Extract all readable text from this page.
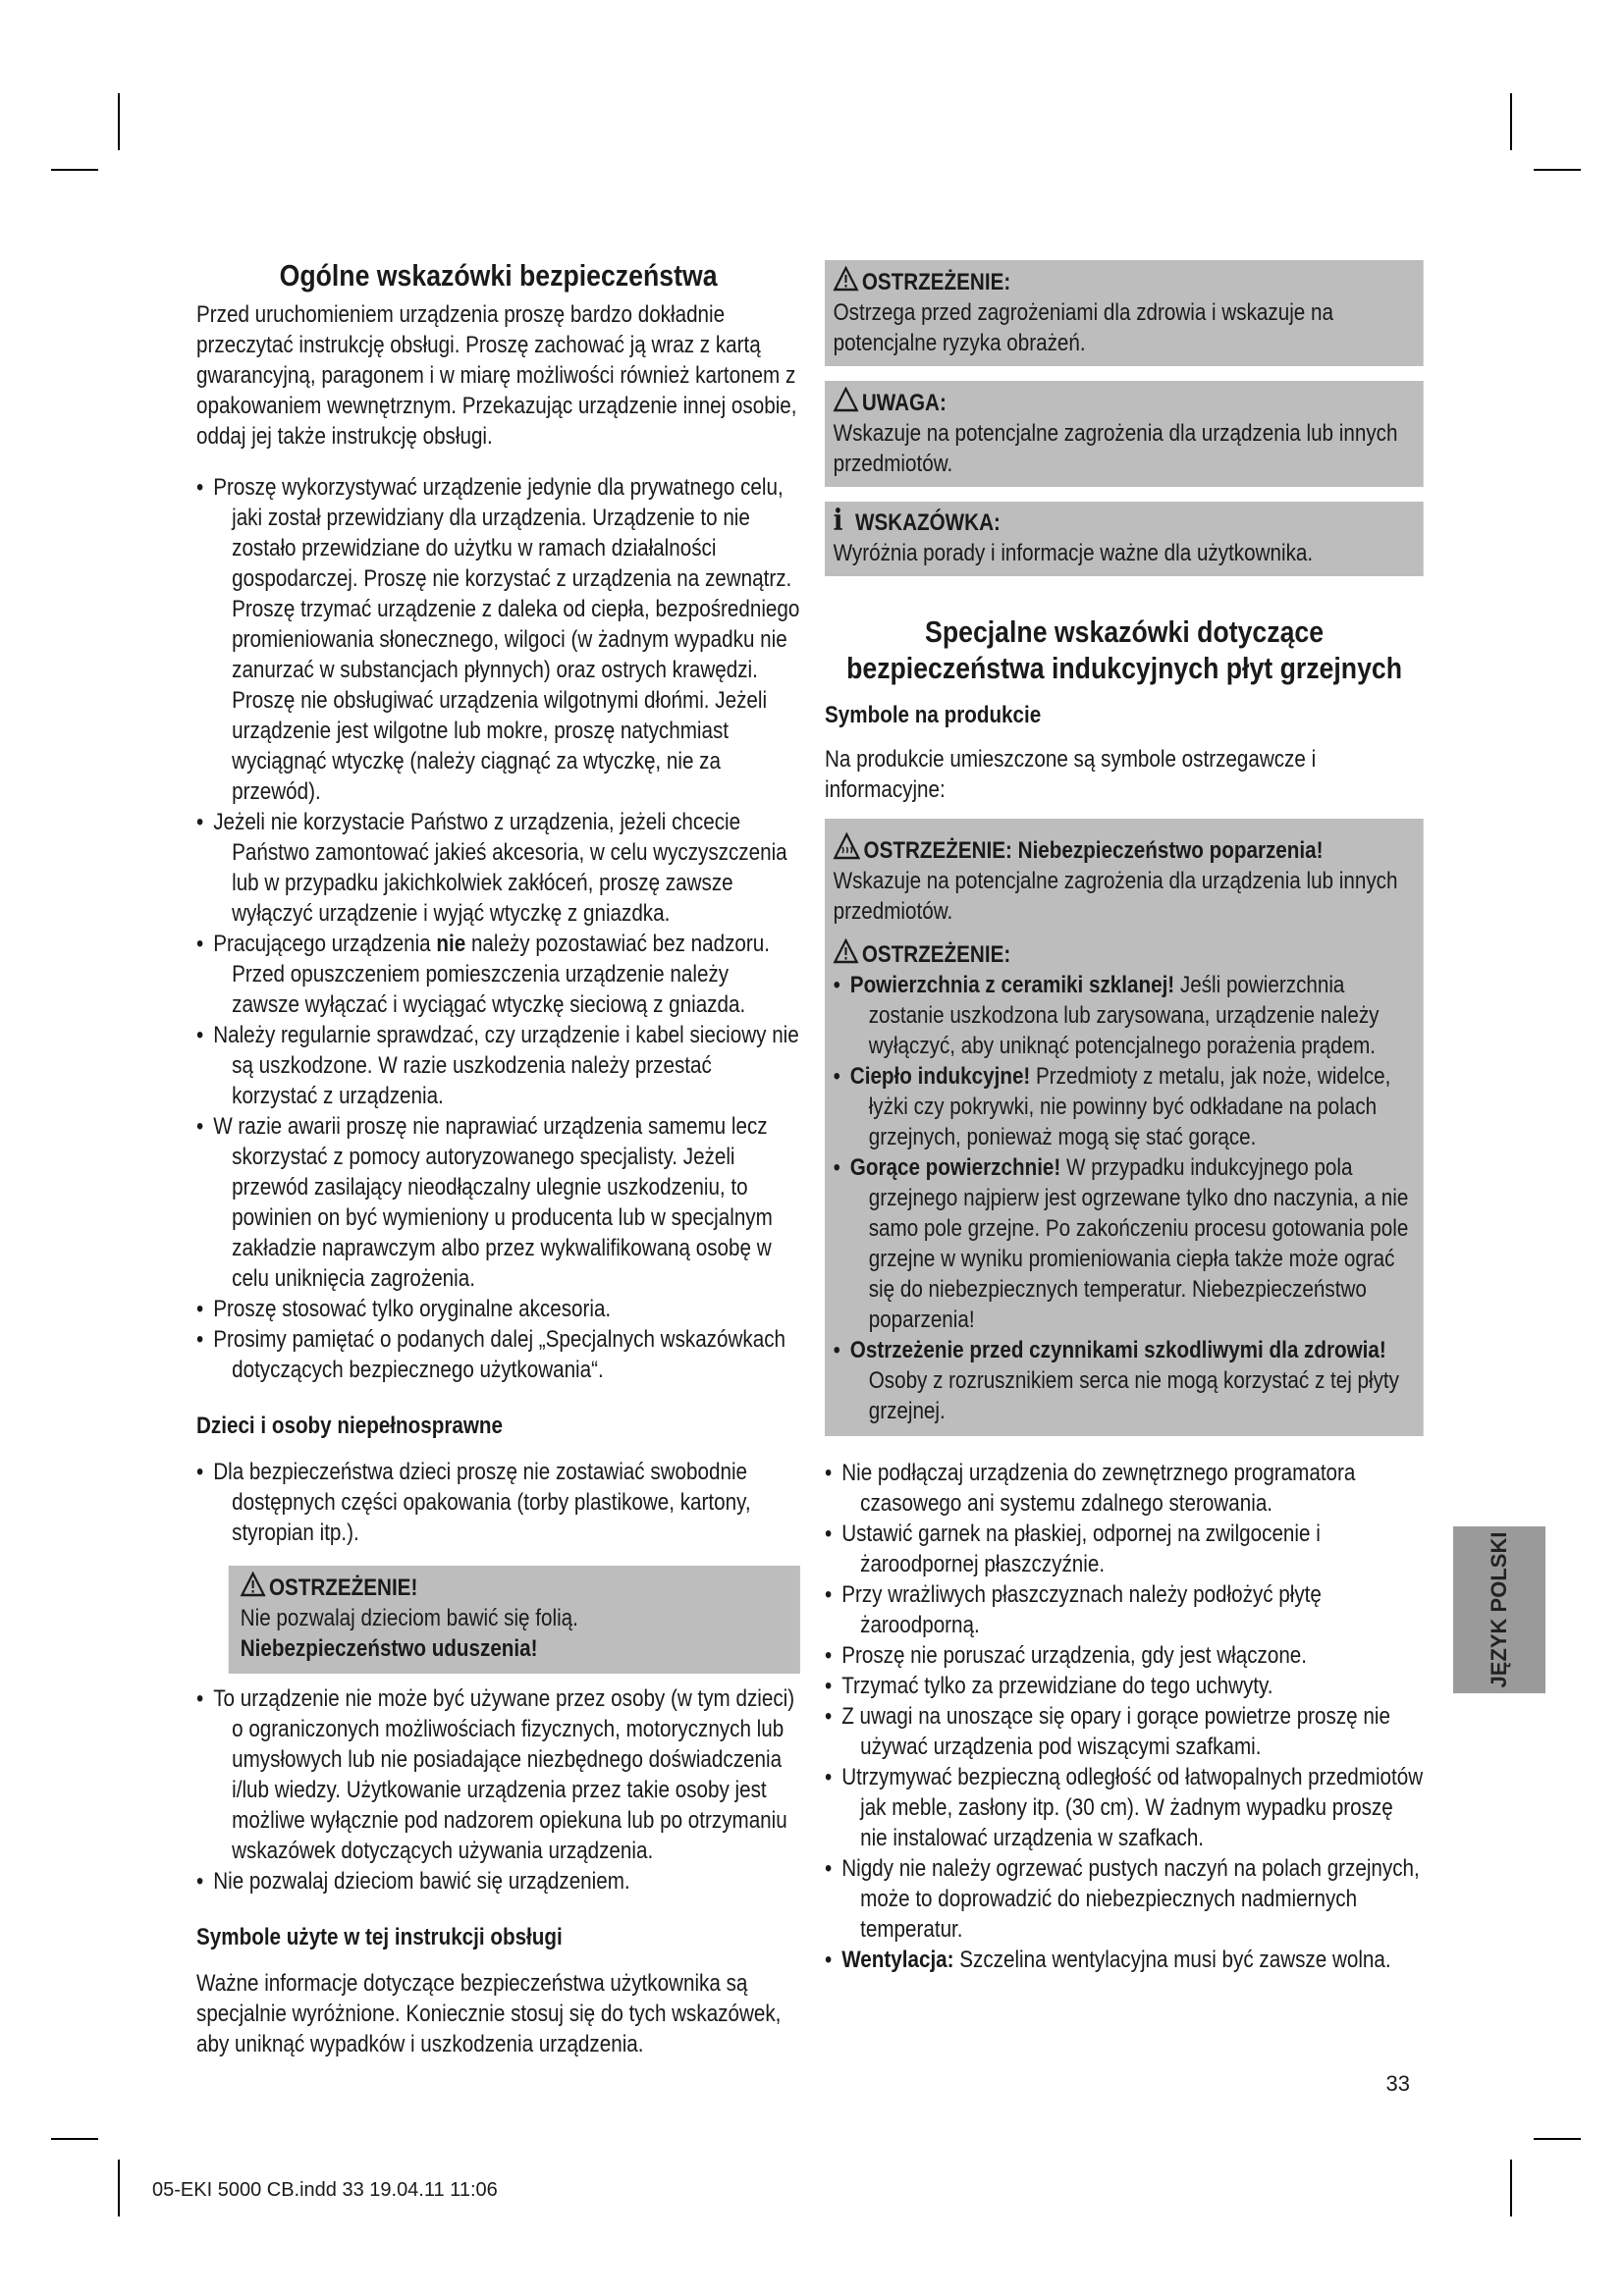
Ogólne wskazówki bezpieczeństwa

Przed uruchomieniem urządzenia proszę bardzo dokładnie przeczytać instrukcję obsługi. Proszę zachować ją wraz z kartą gwarancyjną, paragonem i w miarę możliwości również kartonem z opakowaniem wewnętrznym. Przekazując urządzenie innej osobie, oddaj jej także instrukcję obsługi.

• Proszę wykorzystywać urządzenie jedynie dla prywatnego celu, jaki został przewidziany dla urządzenia. Urządzenie to nie zostało przewidziane do użytku w ramach działalności gospodarczej. Proszę nie korzystać z urządzenia na zewnątrz. Proszę trzymać urządzenie z daleka od ciepła, bezpośredniego promieniowania słonecznego, wilgoci (w żadnym wypadku nie zanurzać w substancjach płynnych) oraz ostrych krawędzi. Proszę nie obsługiwać urządzenia wilgotnymi dłońmi. Jeżeli urządzenie jest wilgotne lub mokre, proszę natychmiast wyciągnąć wtyczkę (należy ciągnąć za wtyczkę, nie za przewód).
• Jeżeli nie korzystacie Państwo z urządzenia, jeżeli chcecie Państwo zamontować jakieś akcesoria, w celu wyczyszczenia lub w przypadku jakichkolwiek zakłóceń, proszę zawsze wyłączyć urządzenie i wyjąć wtyczkę z gniazdka.
• Pracującego urządzenia nie należy pozostawiać bez nadzoru. Przed opuszczeniem pomieszczenia urządzenie należy zawsze wyłączać i wyciągać wtyczkę sieciową z gniazda.
• Należy regularnie sprawdzać, czy urządzenie i kabel sieciowy nie są uszkodzone. W razie uszkodzenia należy przestać korzystać z urządzenia.
• W razie awarii proszę nie naprawiać urządzenia samemu lecz skorzystać z pomocy autoryzowanego specjalisty. Jeżeli przewód zasilający nieodłączalny ulegnie uszkodzeniu, to powinien on być wymieniony u producenta lub w specjalnym zakładzie naprawczym albo przez wykwalifikowaną osobę w celu uniknięcia zagrożenia.
• Proszę stosować tylko oryginalne akcesoria.
• Prosimy pamiętać o podanych dalej „Specjalnych wskazówkach dotyczących bezpiecznego użytkowania“.
Dzieci i osoby niepełnosprawne
• Dla bezpieczeństwa dzieci proszę nie zostawiać swobodnie dostępnych części opakowania (torby plastikowe, kartony, styropian itp.).
OSTRZEŻENIE!

Nie pozwalaj dzieciom bawić się folią.

Niebezpieczeństwo uduszenia!

• To urządzenie nie może być używane przez osoby (w tym dzieci) o ograniczonych możliwościach fizycznych, motorycznych lub umysłowych lub nie posiadające niezbędnego doświadczenia i/lub wiedzy. Użytkowanie urządzenia przez takie osoby jest możliwe wyłącznie pod nadzorem opiekuna lub po otrzymaniu wskazówek dotyczących używania urządzenia.
• Nie pozwalaj dzieciom bawić się urządzeniem.
Symbole użyte w tej instrukcji obsługi

Ważne informacje dotyczące bezpieczeństwa użytkownika są specjalnie wyróżnione. Koniecznie stosuj się do tych wskazówek, aby uniknąć wypadków i uszkodzenia urządzenia.

OSTRZEŻENIE:

Ostrzega przed zagrożeniami dla zdrowia i wskazuje na potencjalne ryzyka obrażeń.

UWAGA:

Wskazuje na potencjalne zagrożenia dla urządzenia lub innych przedmiotów.

i WSKAZÓWKA:

Wyróżnia porady i informacje ważne dla użytkownika.

Specjalne wskazówki dotyczące bezpieczeństwa indukcyjnych płyt grzejnych
Symbole na produkcie

Na produkcie umieszczone są symbole ostrzegawcze i informacyjne:

OSTRZEŻENIE: Niebezpieczeństwo poparzenia!

Wskazuje na potencjalne zagrożenia dla urządzenia lub innych przedmiotów.

OSTRZEŻENIE:
• Powierzchnia z ceramiki szklanej! Jeśli powierzchnia zostanie uszkodzona lub zarysowana, urządzenie należy wyłączyć, aby uniknąć potencjalnego porażenia prądem.
• Ciepło indukcyjne! Przedmioty z metalu, jak noże, widelce, łyżki czy pokrywki, nie powinny być odkładane na polach grzejnych, ponieważ mogą się stać gorące.
• Gorące powierzchnie! W przypadku indukcyjnego pola grzejnego najpierw jest ogrzewane tylko dno naczynia, a nie samo pole grzejne. Po zakończeniu procesu gotowania pole grzejne w wyniku promieniowania ciepła także może ograć się do niebezpiecznych temperatur. Niebezpieczeństwo poparzenia!
• Ostrzeżenie przed czynnikami szkodliwymi dla zdrowia! Osoby z rozrusznikiem serca nie mogą korzystać z tej płyty grzejnej.
• Nie podłączaj urządzenia do zewnętrznego programatora czasowego ani systemu zdalnego sterowania.
• Ustawić garnek na płaskiej, odpornej na zwilgocenie i żaroodpornej płaszczyźnie.
• Przy wrażliwych płaszczyznach należy podłożyć płytę żaroodporną.
• Proszę nie poruszać urządzenia, gdy jest włączone.
• Trzymać tylko za przewidziane do tego uchwyty.
• Z uwagi na unoszące się opary i gorące powietrze proszę nie używać urządzenia pod wiszącymi szafkami.
• Utrzymywać bezpieczną odległość od łatwopalnych przedmiotów jak meble, zasłony itp. (30 cm). W żadnym wypadku proszę nie instalować urządzenia w szafkach.
• Nigdy nie należy ogrzewać pustych naczyń na polach grzejnych, może to doprowadzić do niebezpiecznych nadmiernych temperatur.
• Wentylacja: Szczelina wentylacyjna musi być zawsze wolna.
JĘZYK POLSKI
33
05-EKI 5000 CB.indd 33 19.04.11 11:06
